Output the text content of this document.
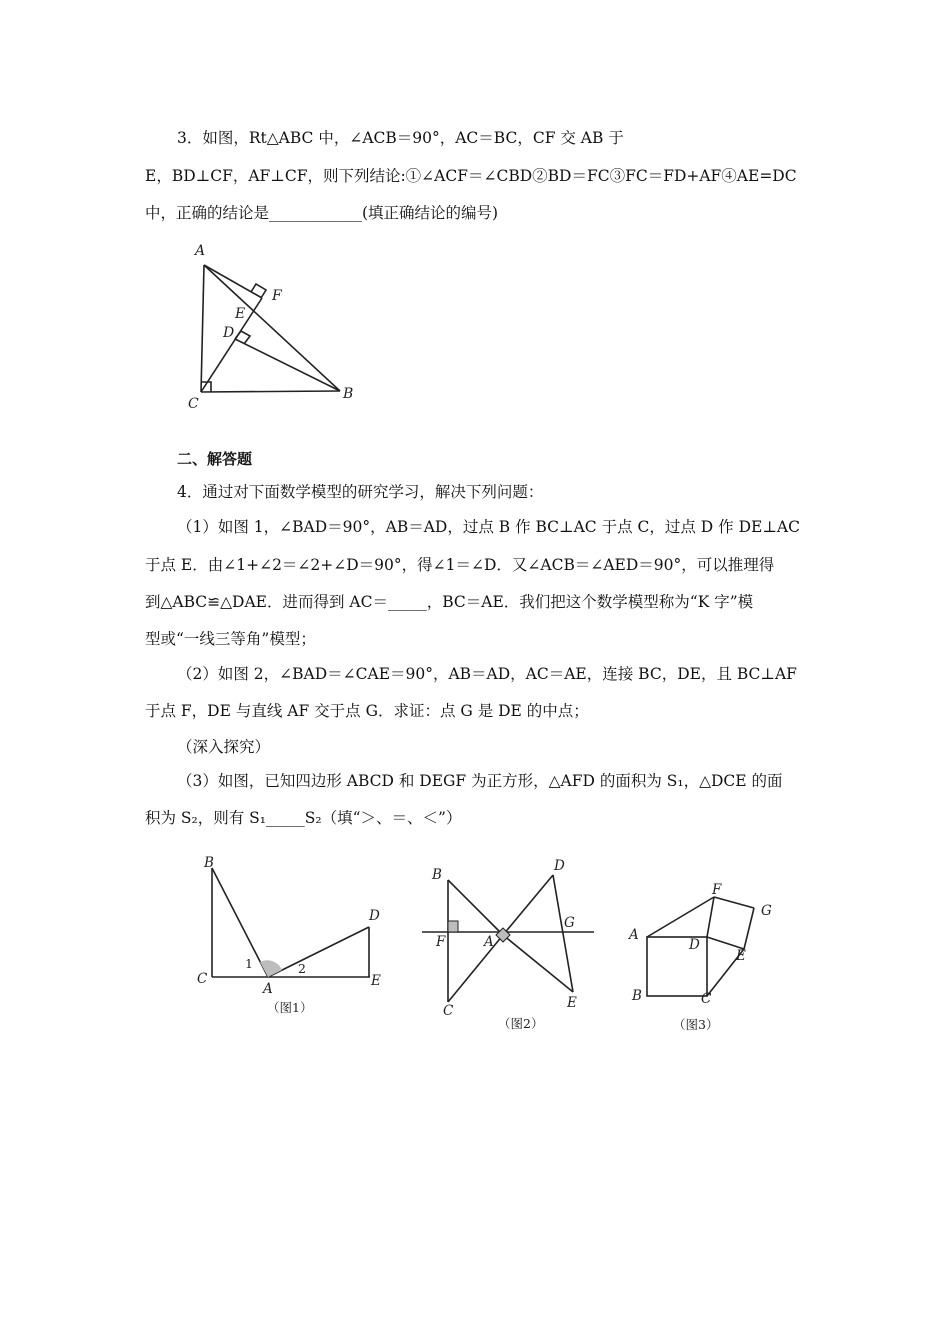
3．如图，Rt△ABC 中，∠ACB＝90°，AC＝BC，CF 交 AB 于
E，BD⊥CF，AF⊥CF，则下列结论:①∠ACF＝∠CBD②BD＝FC③FC＝FD+AF④AE=DC
中，正确的结论是____________(填正确结论的编号)
A
F
E
D
C
B
二、解答题
4．通过对下面数学模型的研究学习，解决下列问题：
（1）如图 1，∠BAD＝90°，AB＝AD，过点 B 作 BC⊥AC 于点 C，过点 D 作 DE⊥AC
于点 E．由∠1+∠2＝∠2+∠D＝90°，得∠1＝∠D．又∠ACB＝∠AED＝90°，可以推理得
到△ABC≌△DAE．进而得到 AC＝_____，BC＝AE．我们把这个数学模型称为“K 字”模
型或“一线三等角”模型；
（2）如图 2，∠BAD＝∠CAE＝90°，AB＝AD，AC＝AE，连接 BC，DE，且 BC⊥AF
于点 F，DE 与直线 AF 交于点 G．求证：点 G 是 DE 的中点；
（深入探究）
（3）如图，已知四边形 ABCD 和 DEGF 为正方形，△AFD 的面积为 S₁，△DCE 的面
积为 S₂，则有 S₁_____S₂（填“＞、＝、＜”）
B
C
A
D
E
1	2
（图1）
B
D
F	A
G
C	E
（图2）
F
G
A
D
E
B	C
（图3）
